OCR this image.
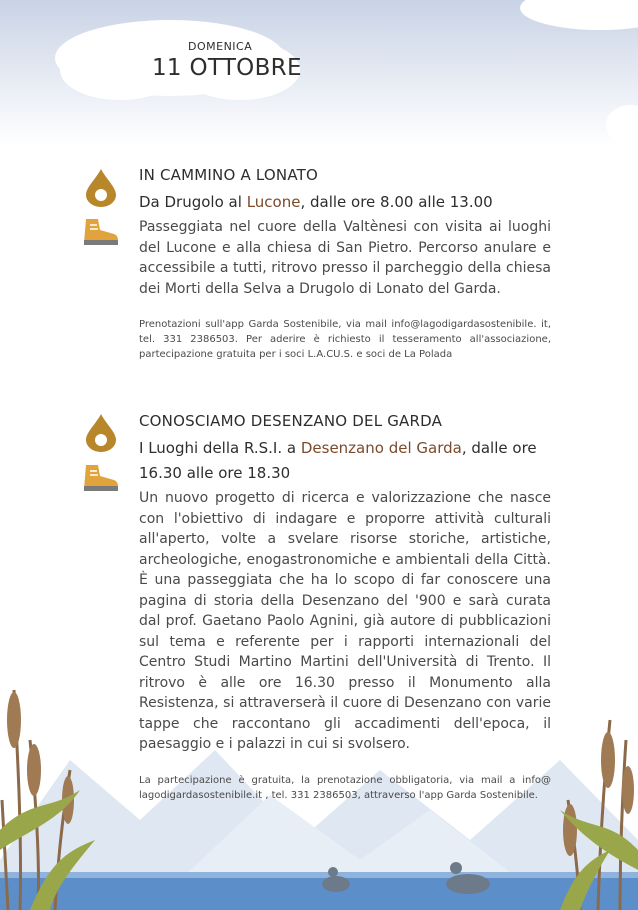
DOMENICA
11 OTTOBRE
IN CAMMINO A LONATO
Da Drugolo al Lucone, dalle ore 8.00 alle 13.00
Passeggiata nel cuore della Valtènesi con visita ai luoghi del Lucone e alla chiesa di San Pietro. Percorso anulare e accessibile a tutti, ritrovo presso il parcheggio della chiesa dei Morti della Selva a Drugolo di Lonato del Garda.
Prenotazioni sull'app Garda Sostenibile, via mail info@lagodigardasostenibile. it, tel. 331 2386503. Per aderire è richiesto il tesseramento all'associazione, partecipazione gratuita per i soci L.A.CU.S. e soci de La Polada
CONOSCIAMO DESENZANO DEL GARDA
I Luoghi della R.S.I. a Desenzano del Garda, dalle ore 16.30 alle ore 18.30
Un nuovo progetto di ricerca e valorizzazione che nasce con l'obiettivo di indagare e proporre attività culturali all'aperto, volte a svelare risorse storiche, artistiche, archeologiche, enogastronomiche e ambientali della Città. È una passeggiata che ha lo scopo di far conoscere una pagina di storia della Desenzano del '900 e sarà curata dal prof. Gaetano Paolo Agnini, già autore di pubblicazioni sul tema e referente per i rapporti internazionali del Centro Studi Martino Martini dell'Università di Trento. Il ritrovo è alle ore 16.30 presso il Monumento alla Resistenza, si attraverserà il cuore di Desenzano con varie tappe che raccontano gli accadimenti dell'epoca, il paesaggio e i palazzi in cui si svolsero.
La partecipazione è gratuita, la prenotazione obbligatoria, via mail a info@ lagodigardasostenibile.it , tel. 331 2386503, attraverso l'app Garda Sostenibile.
